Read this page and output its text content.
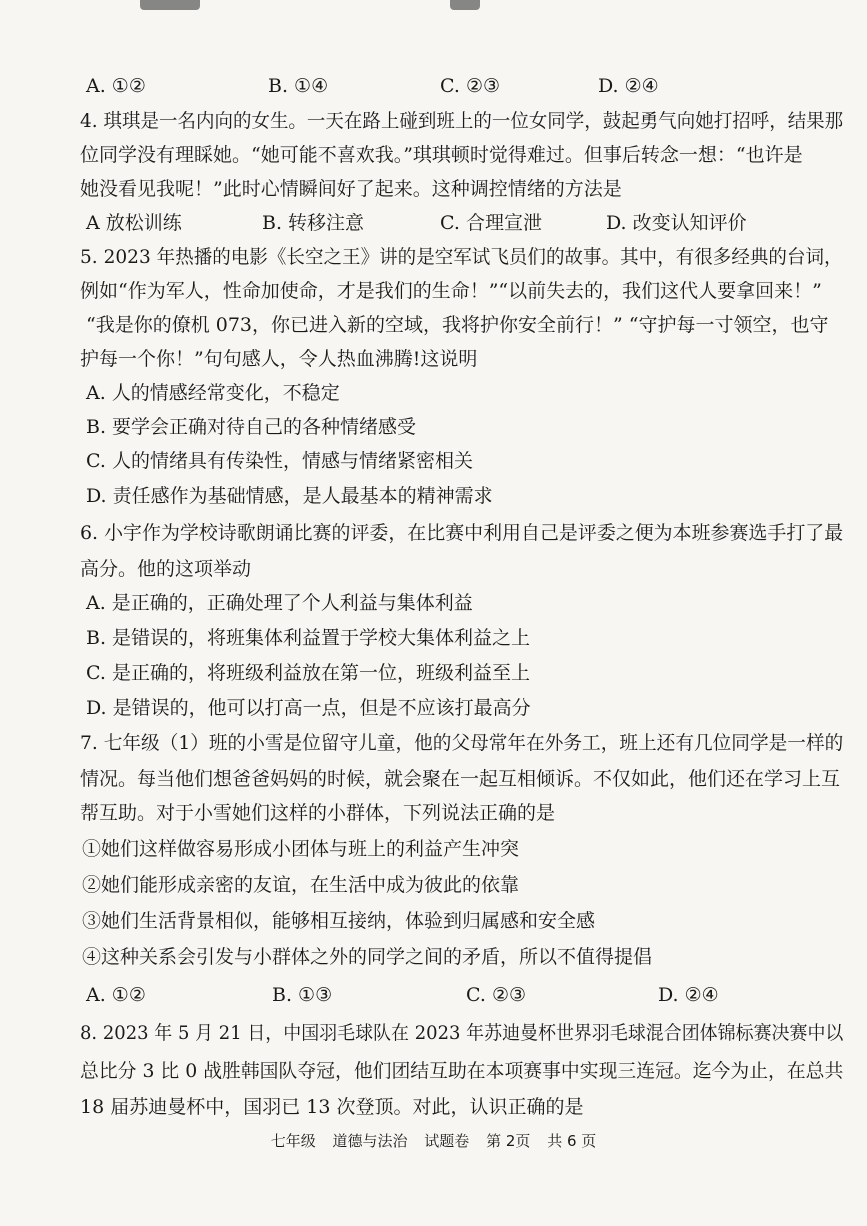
A. ①②	B. ①④	C. ②③	D. ②④
4. 琪琪是一名内向的女生。一天在路上碰到班上的一位女同学，鼓起勇气向她打招呼，结果那
位同学没有理睬她。“她可能不喜欢我。”琪琪顿时觉得难过。但事后转念一想：“也许是
她没看见我呢！”此时心情瞬间好了起来。这种调控情绪的方法是
A 放松训练	B. 转移注意	C. 合理宣泄	D. 改变认知评价
5. 2023 年热播的电影《长空之王》讲的是空军试飞员们的故事。其中，有很多经典的台词，
例如“作为军人，性命加使命，才是我们的生命！”“以前失去的，我们这代人要拿回来！”
“我是你的僚机 073，你已进入新的空域，我将护你安全前行！” “守护每一寸领空，也守
护每一个你！”句句感人，令人热血沸腾!这说明
A. 人的情感经常变化，不稳定
B. 要学会正确对待自己的各种情绪感受
C. 人的情绪具有传染性，情感与情绪紧密相关
D. 责任感作为基础情感，是人最基本的精神需求
6. 小宇作为学校诗歌朗诵比赛的评委，在比赛中利用自己是评委之便为本班参赛选手打了最
高分。他的这项举动
A. 是正确的，正确处理了个人利益与集体利益
B. 是错误的，将班集体利益置于学校大集体利益之上
C. 是正确的，将班级利益放在第一位，班级利益至上
D. 是错误的，他可以打高一点，但是不应该打最高分
7. 七年级（1）班的小雪是位留守儿童，他的父母常年在外务工，班上还有几位同学是一样的
情况。每当他们想爸爸妈妈的时候，就会聚在一起互相倾诉。不仅如此，他们还在学习上互
帮互助。对于小雪她们这样的小群体，下列说法正确的是
①她们这样做容易形成小团体与班上的利益产生冲突
②她们能形成亲密的友谊，在生活中成为彼此的依靠
③她们生活背景相似，能够相互接纳，体验到归属感和安全感
④这种关系会引发与小群体之外的同学之间的矛盾，所以不值得提倡
A. ①②	B. ①③	C. ②③	D. ②④
8. 2023 年 5 月 21 日，中国羽毛球队在 2023 年苏迪曼杯世界羽毛球混合团体锦标赛决赛中以
总比分 3 比 0 战胜韩国队夺冠，他们团结互助在本项赛事中实现三连冠。迄今为止，在总共
18 届苏迪曼杯中，国羽已 13 次登顶。对此，认识正确的是
七年级 道德与法治 试题卷 第 2页 共 6 页
